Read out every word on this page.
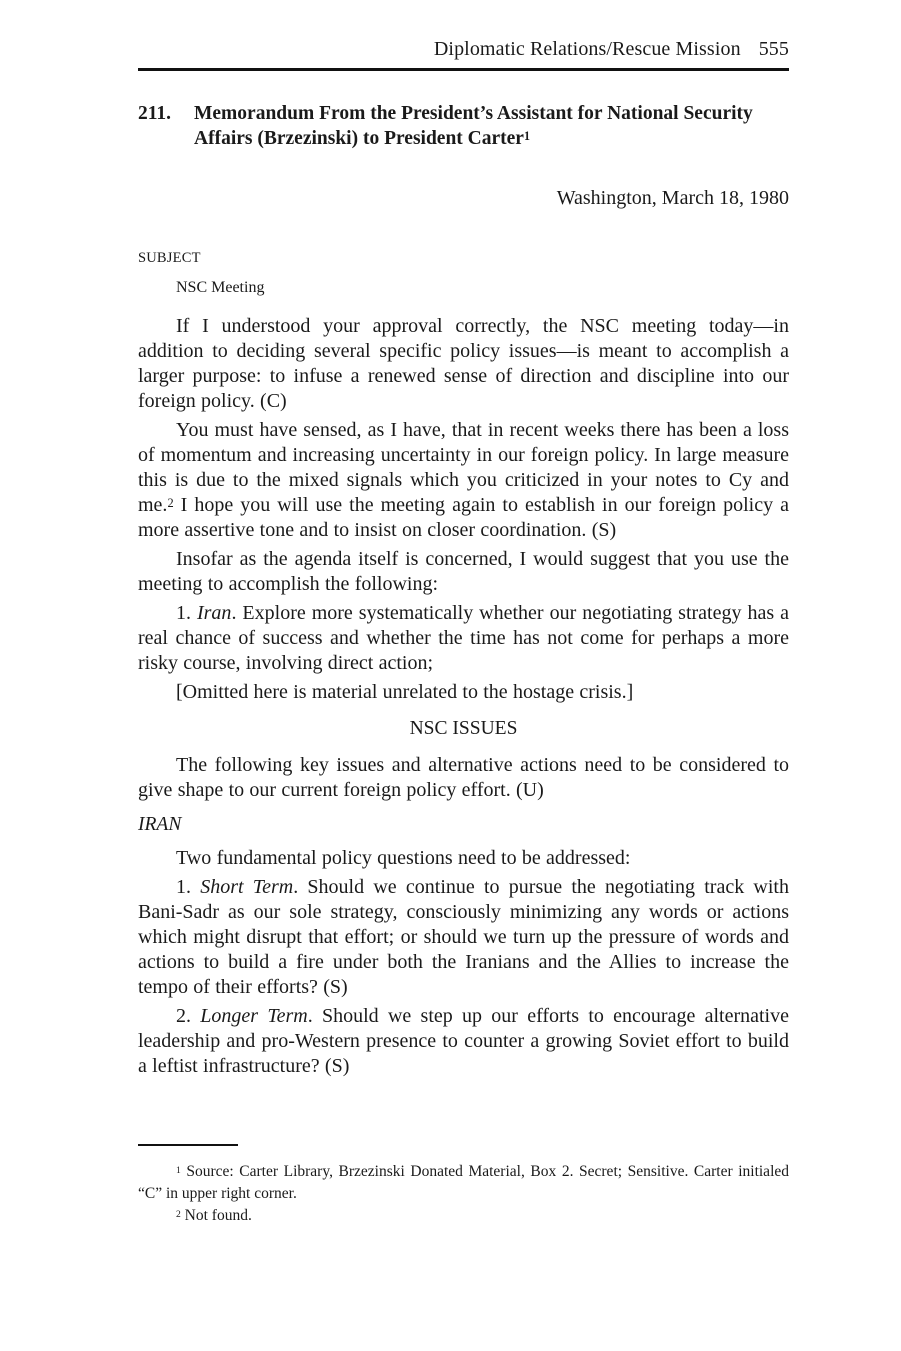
Diplomatic Relations/Rescue Mission 555
211. Memorandum From the President’s Assistant for National Security Affairs (Brzezinski) to President Carter$^1$
Washington, March 18, 1980
SUBJECT
NSC Meeting

If I understood your approval correctly, the NSC meeting today—in addition to deciding several specific policy issues—is meant to accomplish a larger purpose: to infuse a renewed sense of direction and discipline into our foreign policy. (C)

You must have sensed, as I have, that in recent weeks there has been a loss of momentum and increasing uncertainty in our foreign policy. In large measure this is due to the mixed signals which you criticized in your notes to Cy and me.$^2$ I hope you will use the meeting again to establish in our foreign policy a more assertive tone and to insist on closer coordination. (S)

Insofar as the agenda itself is concerned, I would suggest that you use the meeting to accomplish the following:

1. Iran. Explore more systematically whether our negotiating strategy has a real chance of success and whether the time has not come for perhaps a more risky course, involving direct action;

[Omitted here is material unrelated to the hostage crisis.]

NSC ISSUES

The following key issues and alternative actions need to be considered to give shape to our current foreign policy effort. (U)

IRAN

Two fundamental policy questions need to be addressed:

1. Short Term. Should we continue to pursue the negotiating track with Bani-Sadr as our sole strategy, consciously minimizing any words or actions which might disrupt that effort; or should we turn up the pressure of words and actions to build a fire under both the Iranians and the Allies to increase the tempo of their efforts? (S)

2. Longer Term. Should we step up our efforts to encourage alternative leadership and pro-Western presence to counter a growing Soviet effort to build a leftist infrastructure? (S)

$^1$ Source: Carter Library, Brzezinski Donated Material, Box 2. Secret; Sensitive. Carter initialed “C” in upper right corner.

$^2$ Not found.
